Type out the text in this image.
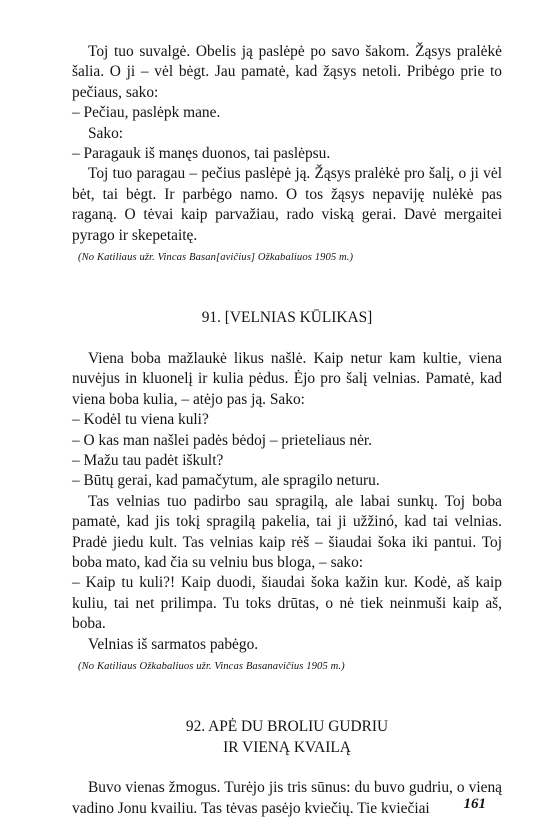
Toj tuo suvalgė. Obelis ją paslėpė po savo šakom. Žąsys pralėkė šalia. O ji – vėl bėgt. Jau pamatė, kad žąsys netoli. Pribėgo prie to pečiaus, sako:

– Pečiau, paslėpk mane.

Sako:

– Paragauk iš manęs duonos, tai paslėpsu.

Toj tuo paragau – pečius paslėpė ją. Žąsys pralėkė pro šalį, o ji vėl bėt, tai bėgt. Ir parbėgo namo. O tos žąsys nepaviję nulėkė pas raganą. O tėvai kaip parvažiau, rado viską gerai. Davė mergaitei pyrago ir skepetaitę.

(No Katiliaus užr. Vincas Basan[avičius] Ožkabaliuos 1905 m.)

91. [VELNIAS KŪLIKAS]

Viena boba mažlaukė likus našlė. Kaip netur kam kultie, viena nuvėjus in kluonelį ir kulia pėdus. Ėjo pro šalį velnias. Pamatė, kad viena boba kulia, – atėjo pas ją. Sako:

– Kodėl tu viena kuli?

– O kas man našlei padės bėdoj – prieteliaus nėr.

– Mažu tau padėt iškult?

– Būtų gerai, kad pamačytum, ale spragilo neturu.

Tas velnias tuo padirbo sau spragilą, ale labai sunkų. Toj boba pamatė, kad jis tokį spragilą pakelia, tai ji užžinó, kad tai velnias. Pradė jiedu kult. Tas velnias kaip rėš – šiaudai šoka iki pantui. Toj boba mato, kad čia su velniu bus bloga, – sako:

– Kaip tu kuli?! Kaip duodi, šiaudai šoka kažin kur. Kodė, aš kaip kuliu, tai net prilimpa. Tu toks drūtas, o nė tiek neinmuši kaip aš, boba.

Velnias iš sarmatos pabėgo.

(No Katiliaus Ožkabaliuos užr. Vincas Basanavičius 1905 m.)

92. APĖ DU BROLIU GUDRIU

IR VIENĄ KVAILĄ

Buvo vienas žmogus. Turėjo jis tris sūnus: du buvo gudriu, o vieną vadino Jonu kvailiu. Tas tėvas pasėjo kviečių. Tie kviečiai	161
